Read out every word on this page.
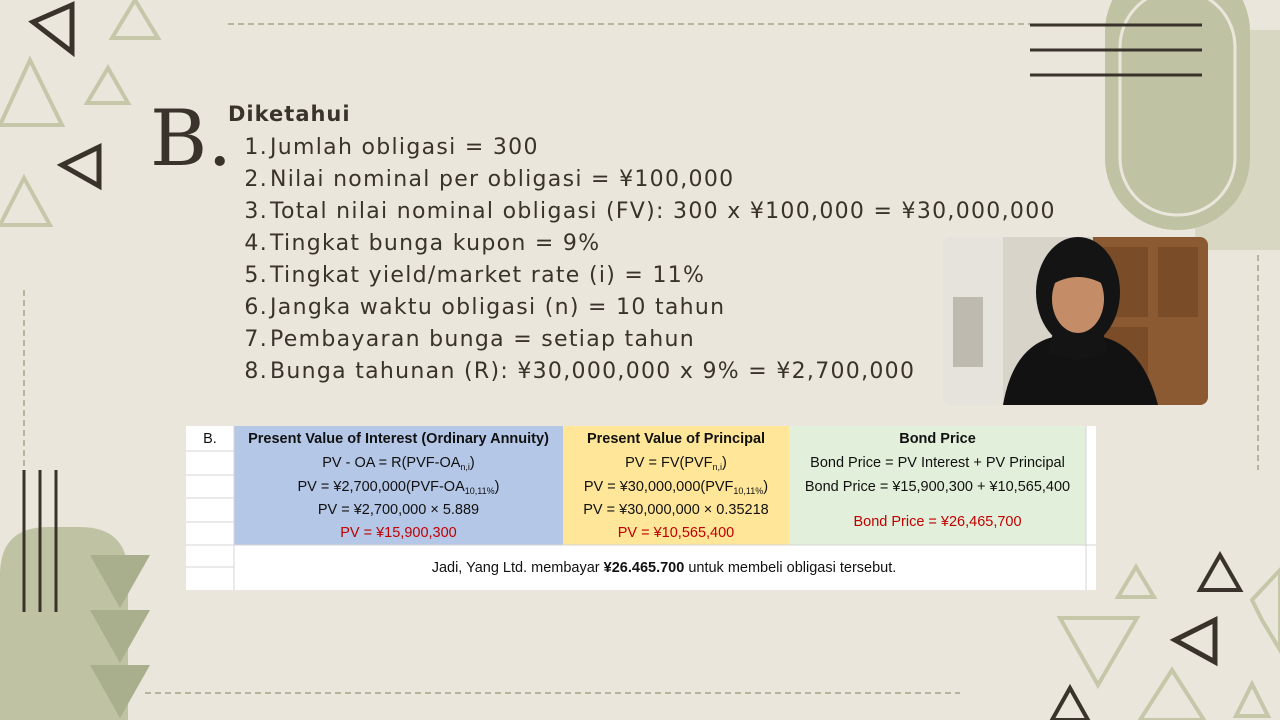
B.
Diketahui
1.Jumlah obligasi = 300
2.Nilai nominal per obligasi = ¥100,000
3.Total nilai nominal obligasi (FV): 300 x ¥100,000 = ¥30,000,000
4.Tingkat bunga kupon = 9%
5.Tingkat yield/market rate (i) = 11%
6.Jangka waktu obligasi (n) = 10 tahun
7.Pembayaran bunga = setiap tahun
8.Bunga tahunan (R): ¥30,000,000 x 9% = ¥2,700,000
B.	Present Value of Interest (Ordinary Annuity)
PV - OA = $R(PVF-OA_{n,i})$
PV = $¥2,700,000(PVF-OA_{10,11\%})$
PV = ¥2,700,000 × 5.889
PV = ¥15,900,300
Present Value of Principal
PV = $FV(PVF_{n,i})$
PV = $¥30,000,000(PVF_{10,11\%})$
PV = ¥30,000,000 × 0.35218
PV = ¥10,565,400
Bond Price
Bond Price = PV Interest + PV Principal
Bond Price = ¥15,900,300 + ¥10,565,400
Bond Price = ¥26,465,700
Jadi, Yang Ltd. membayar ¥26.465.700 untuk membeli obligasi tersebut.
